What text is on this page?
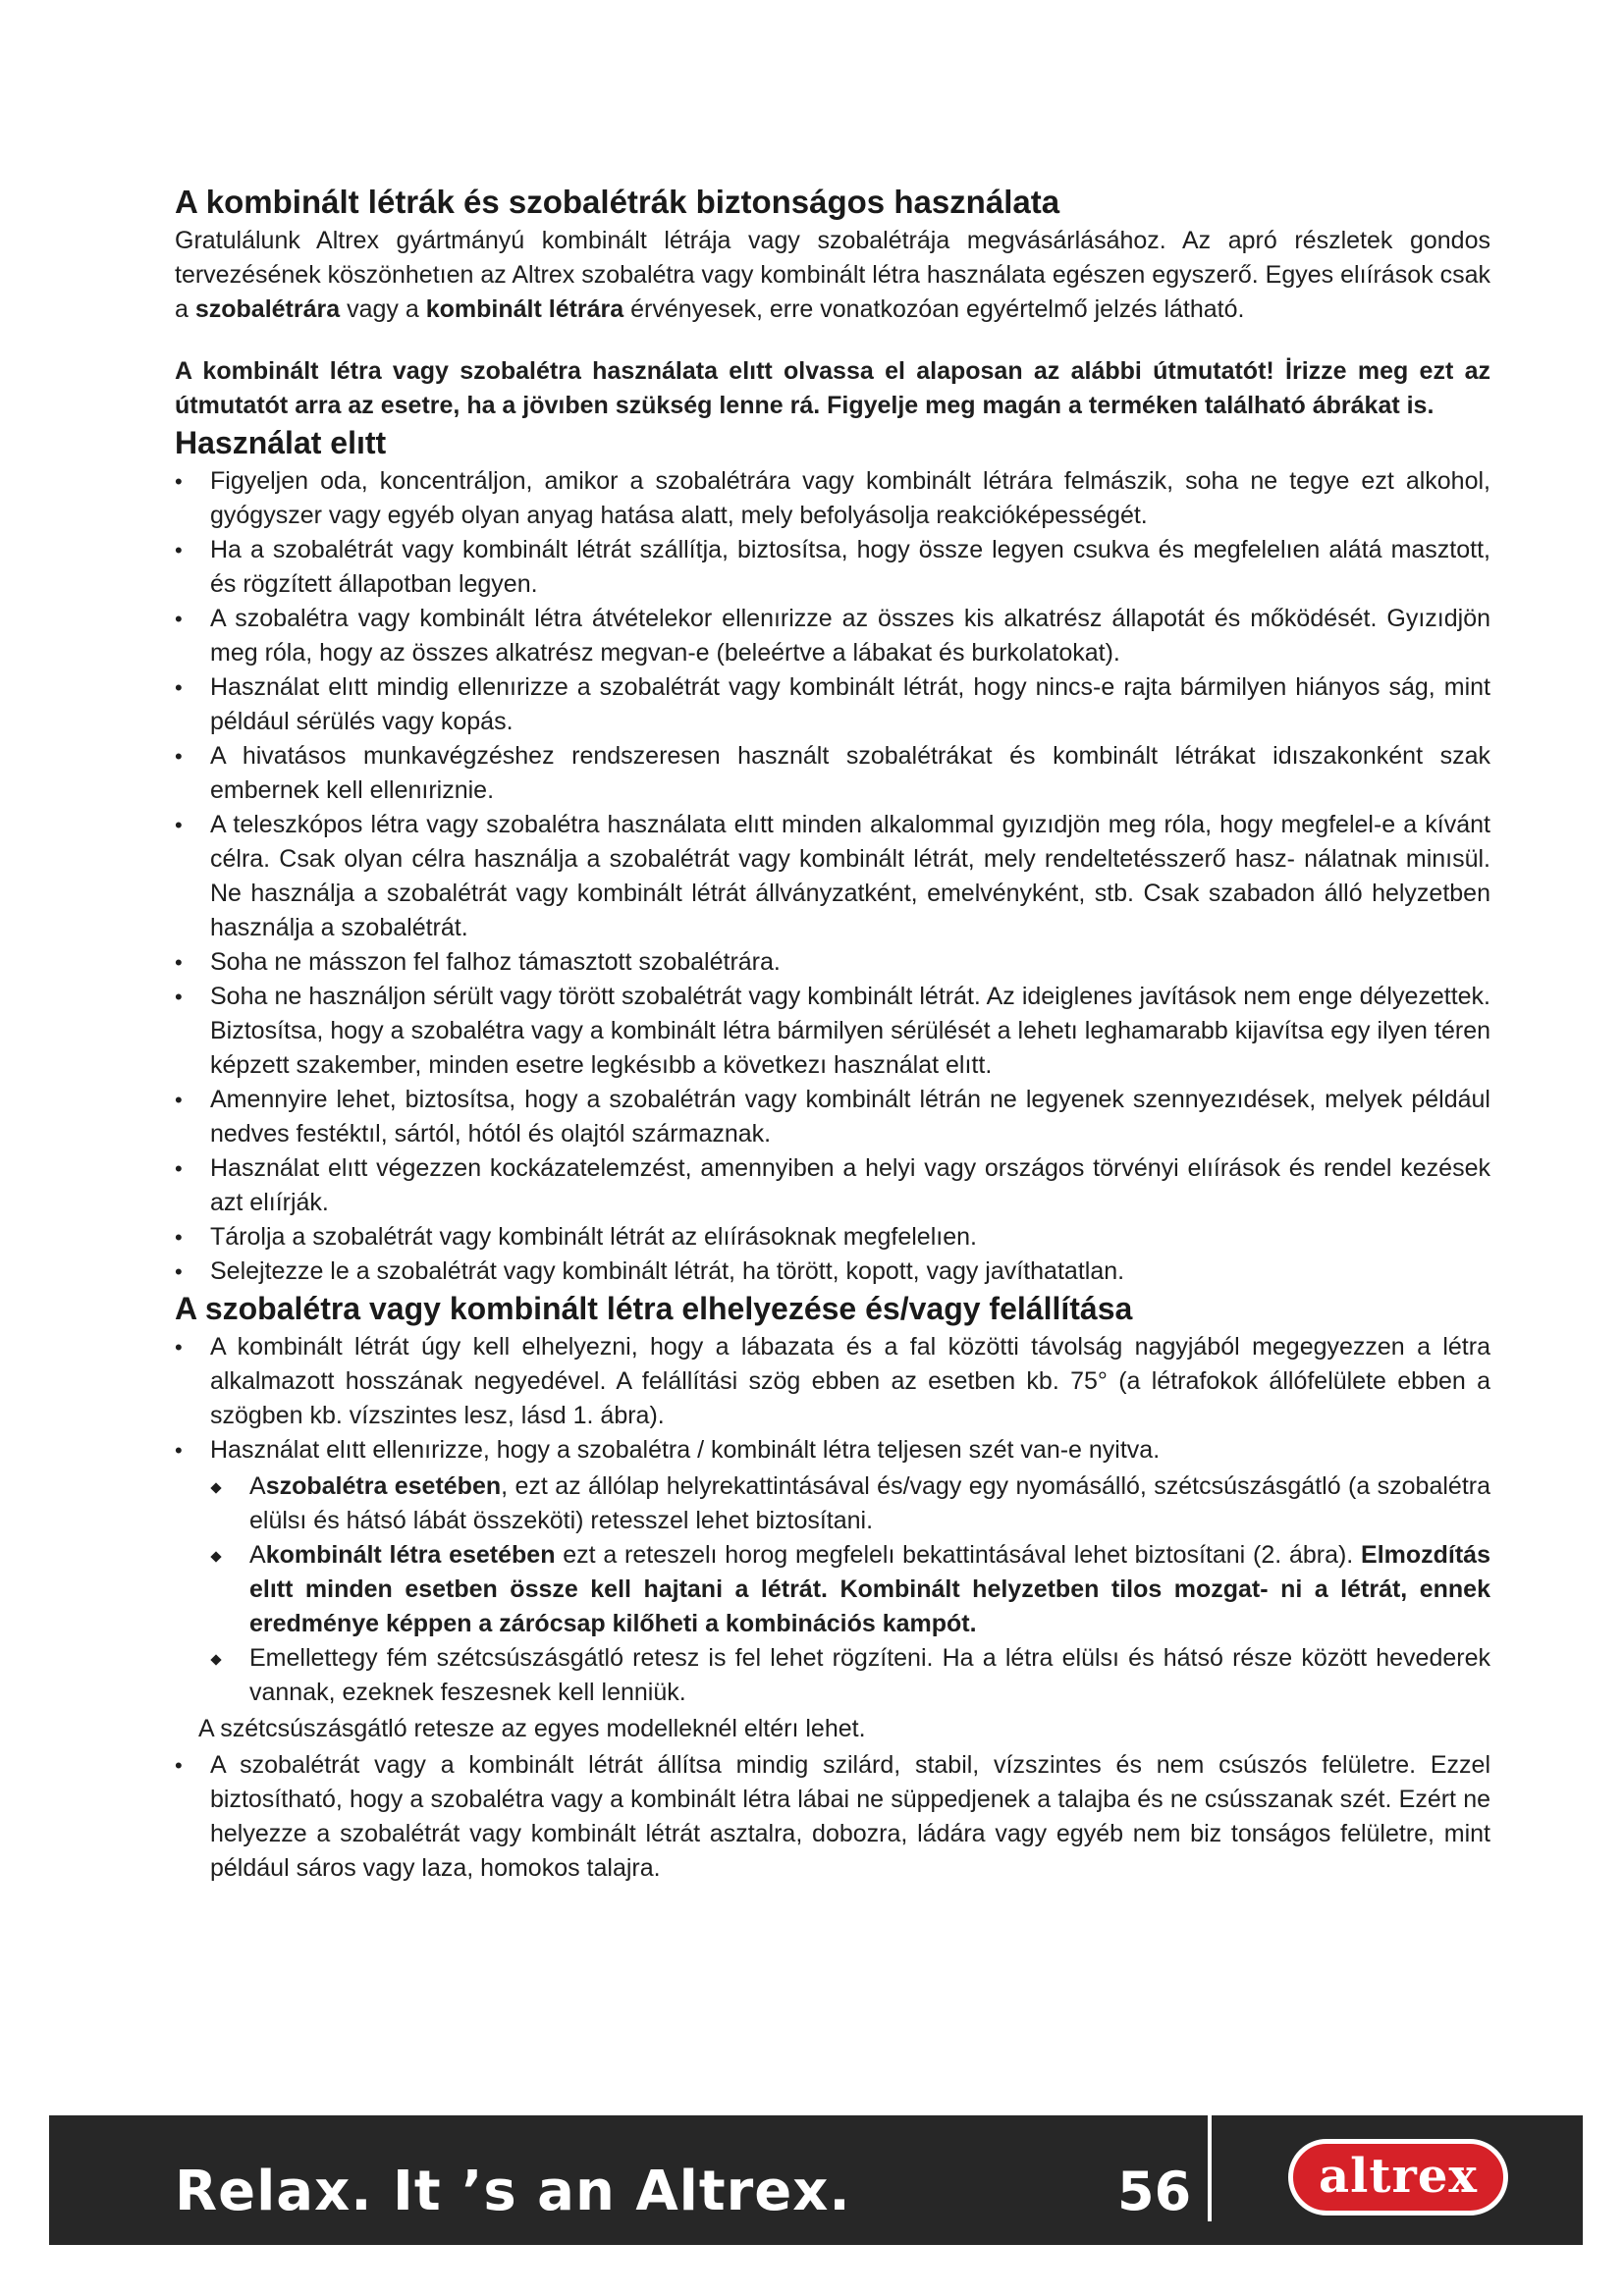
A kombinált létrák és szobalétrák biztonságos használata

Gratulálunk Altrex gyártmányú kombinált létrája vagy szobalétrája megvásárlásához. Az apró részletek gondos tervezésének köszönhetıen az Altrex szobalétra vagy kombinált létra használata egészen egyszerő. Egyes elıírások csak a szobalétrára vagy a kombinált létrára érvényesek, erre vonatkozóan egyértelmő jelzés látható.

A kombinált létra vagy szobalétra használata elıtt olvassa el alaposan az alábbi útmutatót! İrizze meg ezt az útmutatót arra az esetre, ha a jövıben szükség lenne rá. Figyelje meg magán a terméken található ábrákat is.

Használat elıtt
• Figyeljen oda, koncentráljon, amikor a szobalétrára vagy kombinált létrára felmászik, soha ne tegye ezt alkohol, gyógyszer vagy egyéb olyan anyag hatása alatt, mely befolyásolja reakcióképességét.
• Ha a szobalétrát vagy kombinált létrát szállítja, biztosítsa, hogy össze legyen csukva és megfelelıen alátá masztott, és rögzített állapotban legyen.
• A szobalétra vagy kombinált létra átvételekor ellenırizze az összes kis alkatrész állapotát és mőködését. Gyızıdjön meg róla, hogy az összes alkatrész megvan-e (beleértve a lábakat és burkolatokat).
• Használat elıtt mindig ellenırizze a szobalétrát vagy kombinált létrát, hogy nincs-e rajta bármilyen hiányos ság, mint például sérülés vagy kopás.
• A hivatásos munkavégzéshez rendszeresen használt szobalétrákat és kombinált létrákat idıszakonként szak embernek kell ellenıriznie.
• A teleszkópos létra vagy szobalétra használata elıtt minden alkalommal gyızıdjön meg róla, hogy megfelel-e a kívánt célra. Csak olyan célra használja a szobalétrát vagy kombinált létrát, mely rendeltetésszerő hasz- nálatnak minısül. Ne használja a szobalétrát vagy kombinált létrát állványzatként, emelvényként, stb. Csak szabadon álló helyzetben használja a szobalétrát.
• Soha ne másszon fel falhoz támasztott szobalétrára.
• Soha ne használjon sérült vagy törött szobalétrát vagy kombinált létrát. Az ideiglenes javítások nem enge délyezettek. Biztosítsa, hogy a szobalétra vagy a kombinált létra bármilyen sérülését a lehetı leghamarabb kijavítsa egy ilyen téren képzett szakember, minden esetre legkésıbb a következı használat elıtt.
• Amennyire lehet, biztosítsa, hogy a szobalétrán vagy kombinált létrán ne legyenek szennyezıdések, melyek például nedves festéktıl, sártól, hótól és olajtól származnak.
• Használat elıtt végezzen kockázatelemzést, amennyiben a helyi vagy országos törvényi elıírások és rendel kezések azt elıírják.
• Tárolja a szobalétrát vagy kombinált létrát az elıírásoknak megfelelıen.
• Selejtezze le a szobalétrát vagy kombinált létrát, ha törött, kopott, vagy javíthatatlan.
A szobalétra vagy kombinált létra elhelyezése és/vagy felállítása
• A kombinált létrát úgy kell elhelyezni, hogy a lábazata és a fal közötti távolság nagyjából megegyezzen a létra alkalmazott hosszának negyedével. A felállítási szög ebben az esetben kb. 75° (a létrafokok állófelülete ebben a szögben kb. vízszintes lesz, lásd 1. ábra).
• Használat elıtt ellenırizze, hogy a szobalétra / kombinált létra teljesen szét van-e nyitva.
Aszobalétra esetében, ezt az állólap helyrekattintásával és/vagy egy nyomásálló, szétcsúszásgátló (a szobalétra elülsı és hátsó lábát összeköti) retesszel lehet biztosítani.
Akombinált létra esetében ezt a reteszelı horog megfelelı bekattintásával lehet biztosítani (2. ábra). Elmozdítás elıtt minden esetben össze kell hajtani a létrát. Kombinált helyzetben tilos mozgat- ni a létrát, ennek eredménye képpen a zárócsap kilőheti a kombinációs kampót.
Emellettegy fém szétcsúszásgátló retesz is fel lehet rögzíteni. Ha a létra elülsı és hátsó része között hevederek vannak, ezeknek feszesnek kell lenniük.

A szétcsúszásgátló retesze az egyes modelleknél eltérı lehet.

• A szobalétrát vagy a kombinált létrát állítsa mindig szilárd, stabil, vízszintes és nem csúszós felületre. Ezzel biztosítható, hogy a szobalétra vagy a kombinált létra lábai ne süppedjenek a talajba és ne csússzanak szét. Ezért ne helyezze a szobalétrát vagy kombinált létrát asztalra, dobozra, ládára vagy egyéb nem biz tonságos felületre, mint például sáros vagy laza, homokos talajra.
Relax. It ’s an Altrex.	56	altrex
